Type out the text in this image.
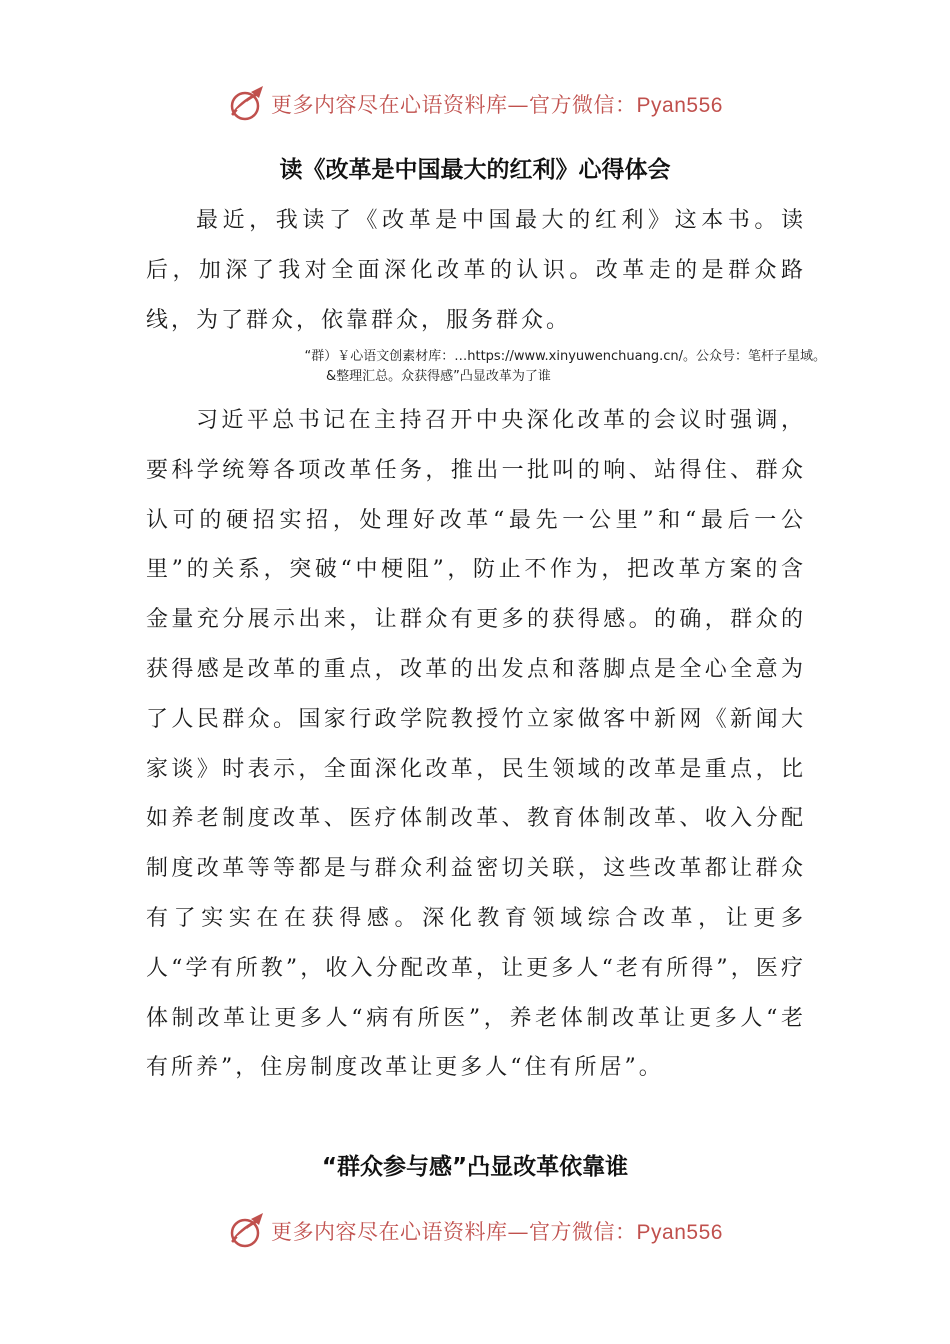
更多内容尽在心语资料库—官方微信：Pyan556
读《改革是中国最大的红利》心得体会

最近，我读了《改革是中国最大的红利》这本书。读后，加深了我对全面深化改革的认识。改革走的是群众路线，为了群众，依靠群众，服务群众。

“群）￥心语文创素材库：…https://www.xinyuwenchuang.cn/。公众号：笔杆子星域。
&整理汇总。众获得感”凸显改革为了谁

习近平总书记在主持召开中央深化改革的会议时强调，要科学统筹各项改革任务，推出一批叫的响、站得住、群众认可的硬招实招，处理好改革“最先一公里”和“最后一公里”的关系，突破“中梗阻”，防止不作为，把改革方案的含金量充分展示出来，让群众有更多的获得感。的确，群众的获得感是改革的重点，改革的出发点和落脚点是全心全意为了人民群众。国家行政学院教授竹立家做客中新网《新闻大家谈》时表示，全面深化改革，民生领域的改革是重点，比如养老制度改革、医疗体制改革、教育体制改革、收入分配制度改革等等都是与群众利益密切关联，这些改革都让群众有了实实在在获得感。深化教育领域综合改革，让更多人“学有所教”，收入分配改革，让更多人“老有所得”，医疗体制改革让更多人“病有所医”，养老体制改革让更多人“老有所养”，住房制度改革让更多人“住有所居”。

“群众参与感”凸显改革依靠谁
更多内容尽在心语资料库—官方微信：Pyan556
